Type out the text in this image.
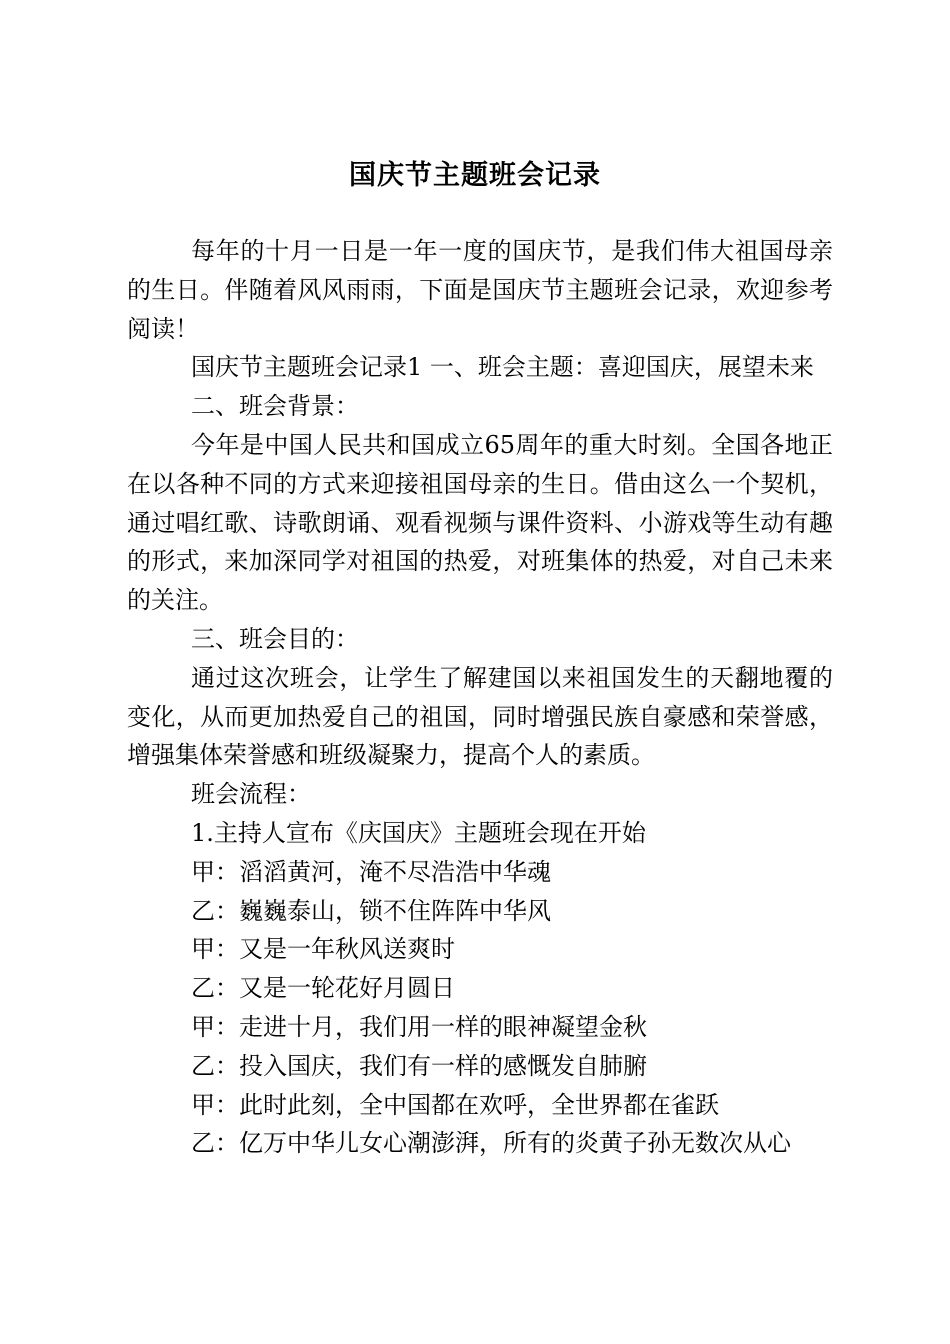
国庆节主题班会记录

每年的十月一日是一年一度的国庆节，是我们伟大祖国母亲的生日。伴随着风风雨雨，下面是国庆节主题班会记录，欢迎参考阅读！

国庆节主题班会记录1 一、班会主题：喜迎国庆，展望未来

二、班会背景：

今年是中国人民共和国成立65周年的重大时刻。全国各地正在以各种不同的方式来迎接祖国母亲的生日。借由这么一个契机，通过唱红歌、诗歌朗诵、观看视频与课件资料、小游戏等生动有趣的形式，来加深同学对祖国的热爱，对班集体的热爱，对自己未来的关注。

三、班会目的：

通过这次班会，让学生了解建国以来祖国发生的天翻地覆的变化，从而更加热爱自己的祖国，同时增强民族自豪感和荣誉感，增强集体荣誉感和班级凝聚力，提高个人的素质。

班会流程：

1.主持人宣布《庆国庆》主题班会现在开始

甲：滔滔黄河，淹不尽浩浩中华魂

乙：巍巍泰山，锁不住阵阵中华风

甲：又是一年秋风送爽时

乙：又是一轮花好月圆日

甲：走进十月，我们用一样的眼神凝望金秋

乙：投入国庆，我们有一样的感慨发自肺腑

甲：此时此刻，全中国都在欢呼，全世界都在雀跃

乙：亿万中华儿女心潮澎湃，所有的炎黄子孙无数次从心
